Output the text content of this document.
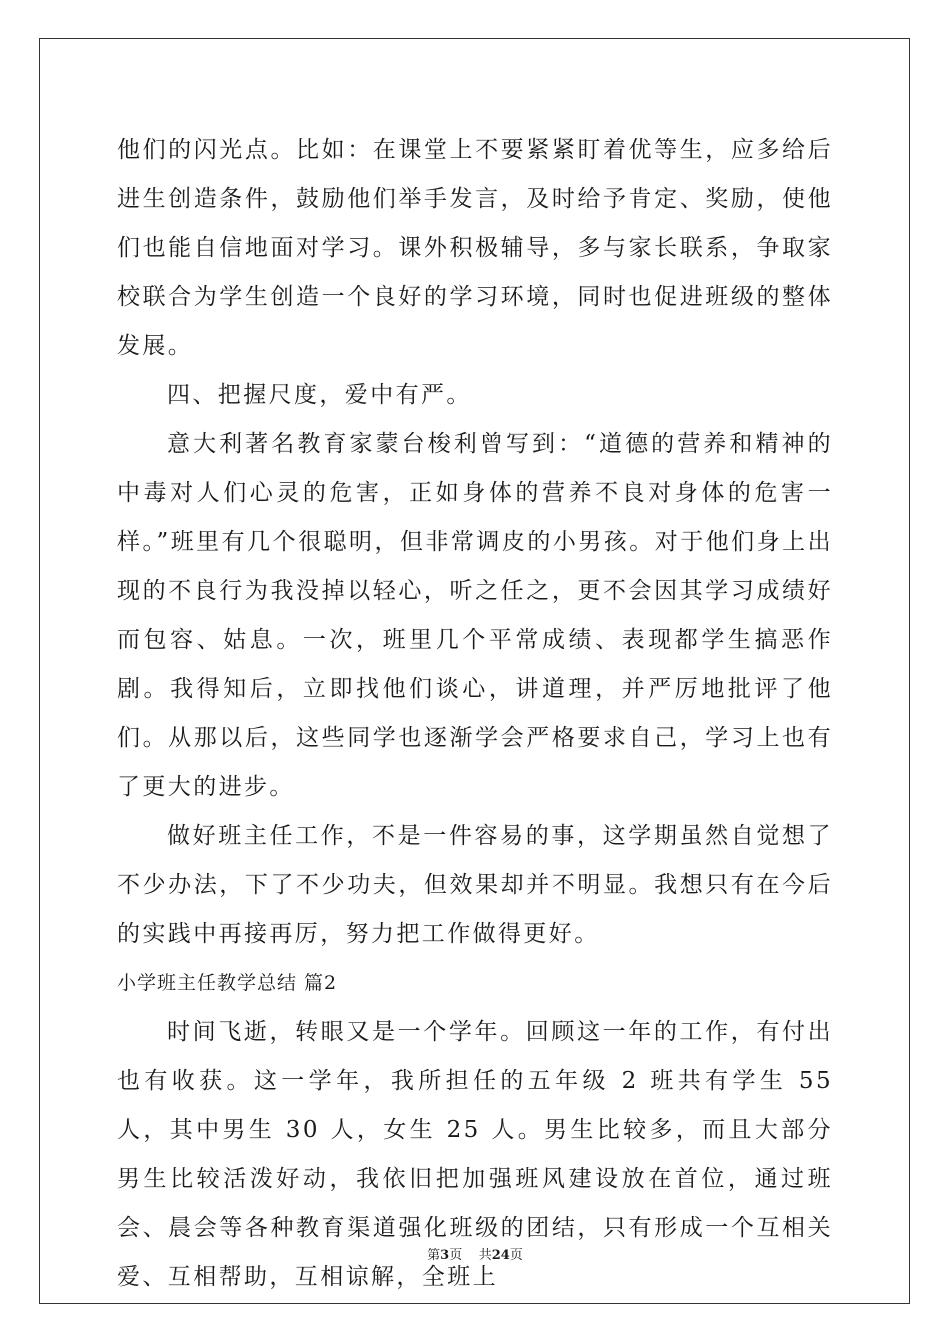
他们的闪光点。比如：在课堂上不要紧紧盯着优等生，应多给后进生创造条件，鼓励他们举手发言，及时给予肯定、奖励，使他们也能自信地面对学习。课外积极辅导，多与家长联系，争取家校联合为学生创造一个良好的学习环境，同时也促进班级的整体发展。

四、把握尺度，爱中有严。

意大利著名教育家蒙台梭利曾写到：“道德的营养和精神的中毒对人们心灵的危害，正如身体的营养不良对身体的危害一样。”班里有几个很聪明，但非常调皮的小男孩。对于他们身上出现的不良行为我没掉以轻心，听之任之，更不会因其学习成绩好而包容、姑息。一次，班里几个平常成绩、表现都学生搞恶作剧。我得知后，立即找他们谈心，讲道理，并严厉地批评了他们。从那以后，这些同学也逐渐学会严格要求自己，学习上也有了更大的进步。

做好班主任工作，不是一件容易的事，这学期虽然自觉想了不少办法，下了不少功夫，但效果却并不明显。我想只有在今后的实践中再接再厉，努力把工作做得更好。

小学班主任教学总结 篇2

时间飞逝，转眼又是一个学年。回顾这一年的工作，有付出也有收获。这一学年，我所担任的五年级 2 班共有学生 55 人，其中男生 30 人，女生 25 人。男生比较多，而且大部分男生比较活泼好动，我依旧把加强班风建设放在首位，通过班会、晨会等各种教育渠道强化班级的团结，只有形成一个互相关爱、互相帮助，互相谅解，全班上

第3页    共24页
